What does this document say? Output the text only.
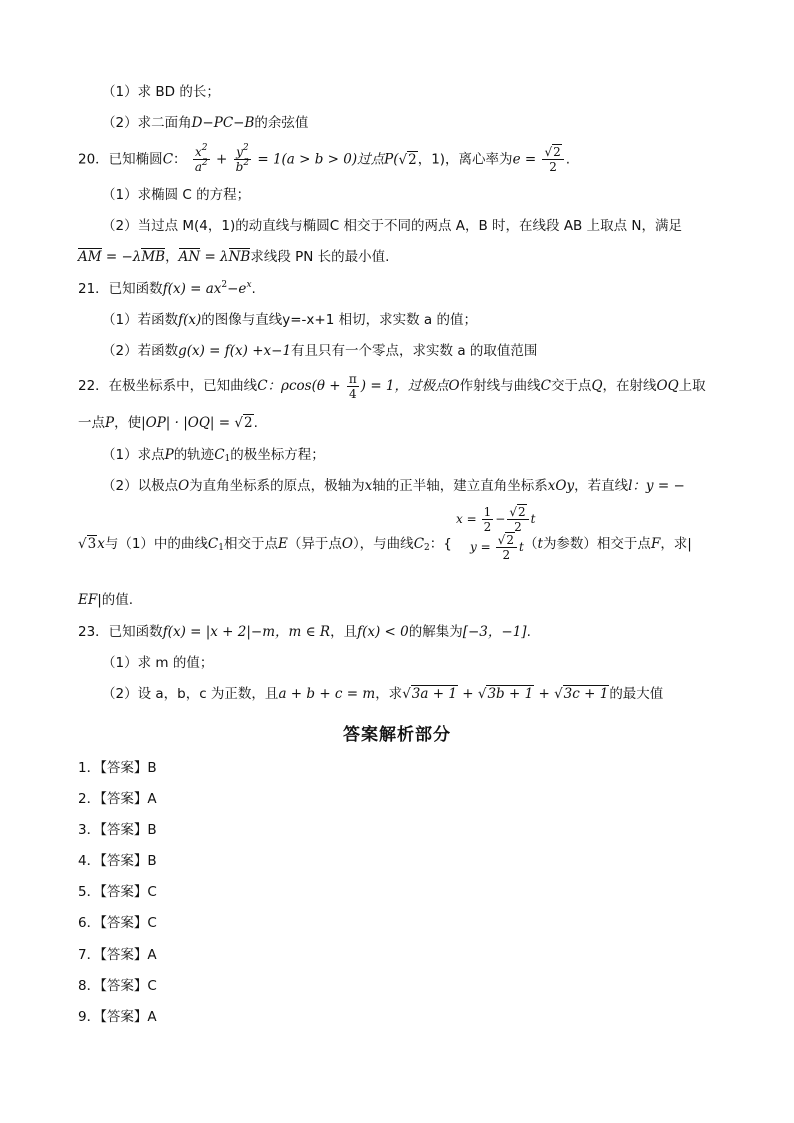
（1）求 BD 的长；
（2）求二面角D−PC−B的余弦值
20．已知椭圆C： $\frac{x^2}{a^2} + \frac{y^2}{b^2} = 1(a > b > 0)$过点P(√2，1)，离心率为$e = \frac{√2}{2}$ .
（1）求椭圆 C 的方程；
（2）当过点 M(4，1)的动直线与椭圆C 相交于不同的两点 A，B 时，在线段 AB 上取点 N，满足
AM = −λMB，AN = λNB求线段 PN 长的最小值.
21．已知函数$f(x) = ax^2-e^x$.
（1）若函数f(x)的图像与直线y=-x+1 相切，求实数 a 的值；
（2）若函数g(x) = f(x) +x−1有且只有一个零点，求实数 a 的取值范围
22．在极坐标系中，已知曲线C：$\rho\cos(\theta + \frac{\pi}{4}$ ) = 1，过极点O作射线与曲线C交于点Q，在射线OQ上取
一点P，使|OP| · |OQ| = √2.
（1）求点P的轨迹$C_1$的极坐标方程；
（2）以极点O为直角坐标系的原点，极轴为x轴的正半轴，建立直角坐标系xOy，若直线l：y = −
√3x与（1）中的曲线$C_1$相交于点E（异于点O），与曲线$C_2$：{
$x = \frac{1}{2} - \frac{√2}{2}$ t
$y = \frac{√2}{2}$ t （t为参数）相交于点F，求|
EF|的值.
23．已知函数f(x) = |x + 2|−m，m ∈ R，且f(x) < 0的解集为[−3，−1].
（1）求 m 的值；
（2）设 a，b，c 为正数，且a + b + c = m，求√3a + 1 + √3b + 1 + √3c + 1的最大值
答案解析部分
1．【答案】B
2．【答案】A
3．【答案】B
4．【答案】B
5．【答案】C
6．【答案】C
7．【答案】A
8．【答案】C
9．【答案】A
